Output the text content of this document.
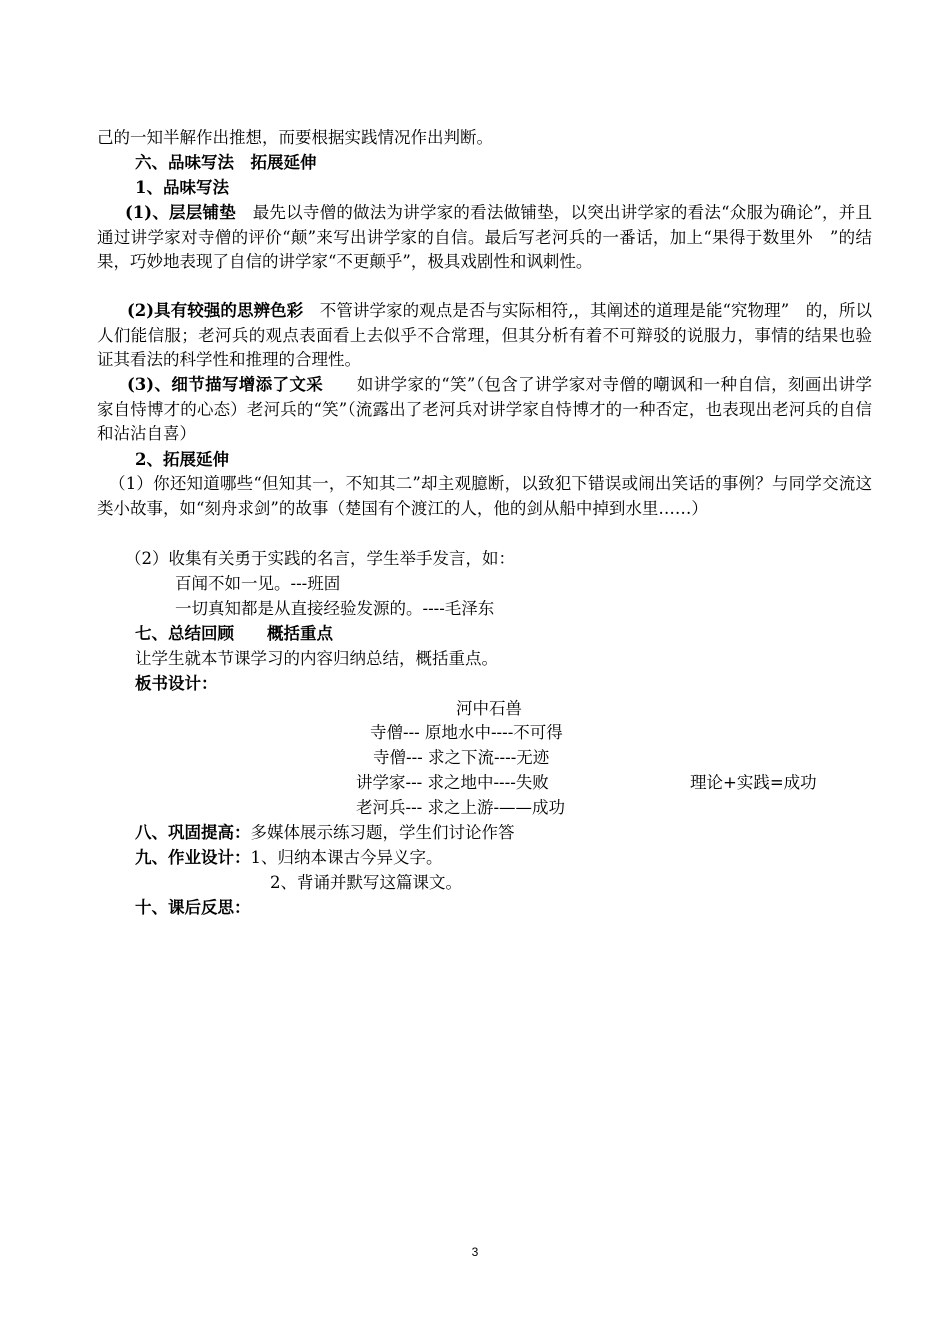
己的一知半解作出推想，而要根据实践情况作出判断。
六、品味写法　拓展延伸
1、品味写法
(1)、层层铺垫　最先以寺僧的做法为讲学家的看法做铺垫，以突出讲学家的看法“众服为确论”，并且通过讲学家对寺僧的评价“颠”来写出讲学家的自信。最后写老河兵的一番话，加上“果得于数里外　”的结果，巧妙地表现了自信的讲学家“不更颠乎”，极具戏剧性和讽刺性。
(2)具有较强的思辨色彩　不管讲学家的观点是否与实际相符,，其阐述的道理是能“究物理”　的，所以人们能信服；老河兵的观点表面看上去似乎不合常理，但其分析有着不可辩驳的说服力，事情的结果也验证其看法的科学性和推理的合理性。
(3)、细节描写增添了文采　　如讲学家的“笑”（包含了讲学家对寺僧的嘲讽和一种自信，刻画出讲学家自恃博才的心态）老河兵的“笑”（流露出了老河兵对讲学家自恃博才的一种否定，也表现出老河兵的自信和沾沾自喜）
2、拓展延伸
（1）你还知道哪些“但知其一，不知其二”却主观臆断，以致犯下错误或闹出笑话的事例？与同学交流这类小故事，如“刻舟求剑”的故事（楚国有个渡江的人，他的剑从船中掉到水里……）
（2）收集有关勇于实践的名言，学生举手发言，如：
百闻不如一见。---班固
一切真知都是从直接经验发源的。----毛泽东
七、总结回顾　　概括重点
让学生就本节课学习的内容归纳总结，概括重点。
板书设计：
河中石兽
寺僧--- 原地水中----不可得
寺僧--- 求之下流----无迹
讲学家--- 求之地中----失败	理论+实践=成功
老河兵--- 求之上游-——成功
八、巩固提高：多媒体展示练习题，学生们讨论作答
九、作业设计：1、归纳本课古今异义字。
2、背诵并默写这篇课文。
十、课后反思：
3
